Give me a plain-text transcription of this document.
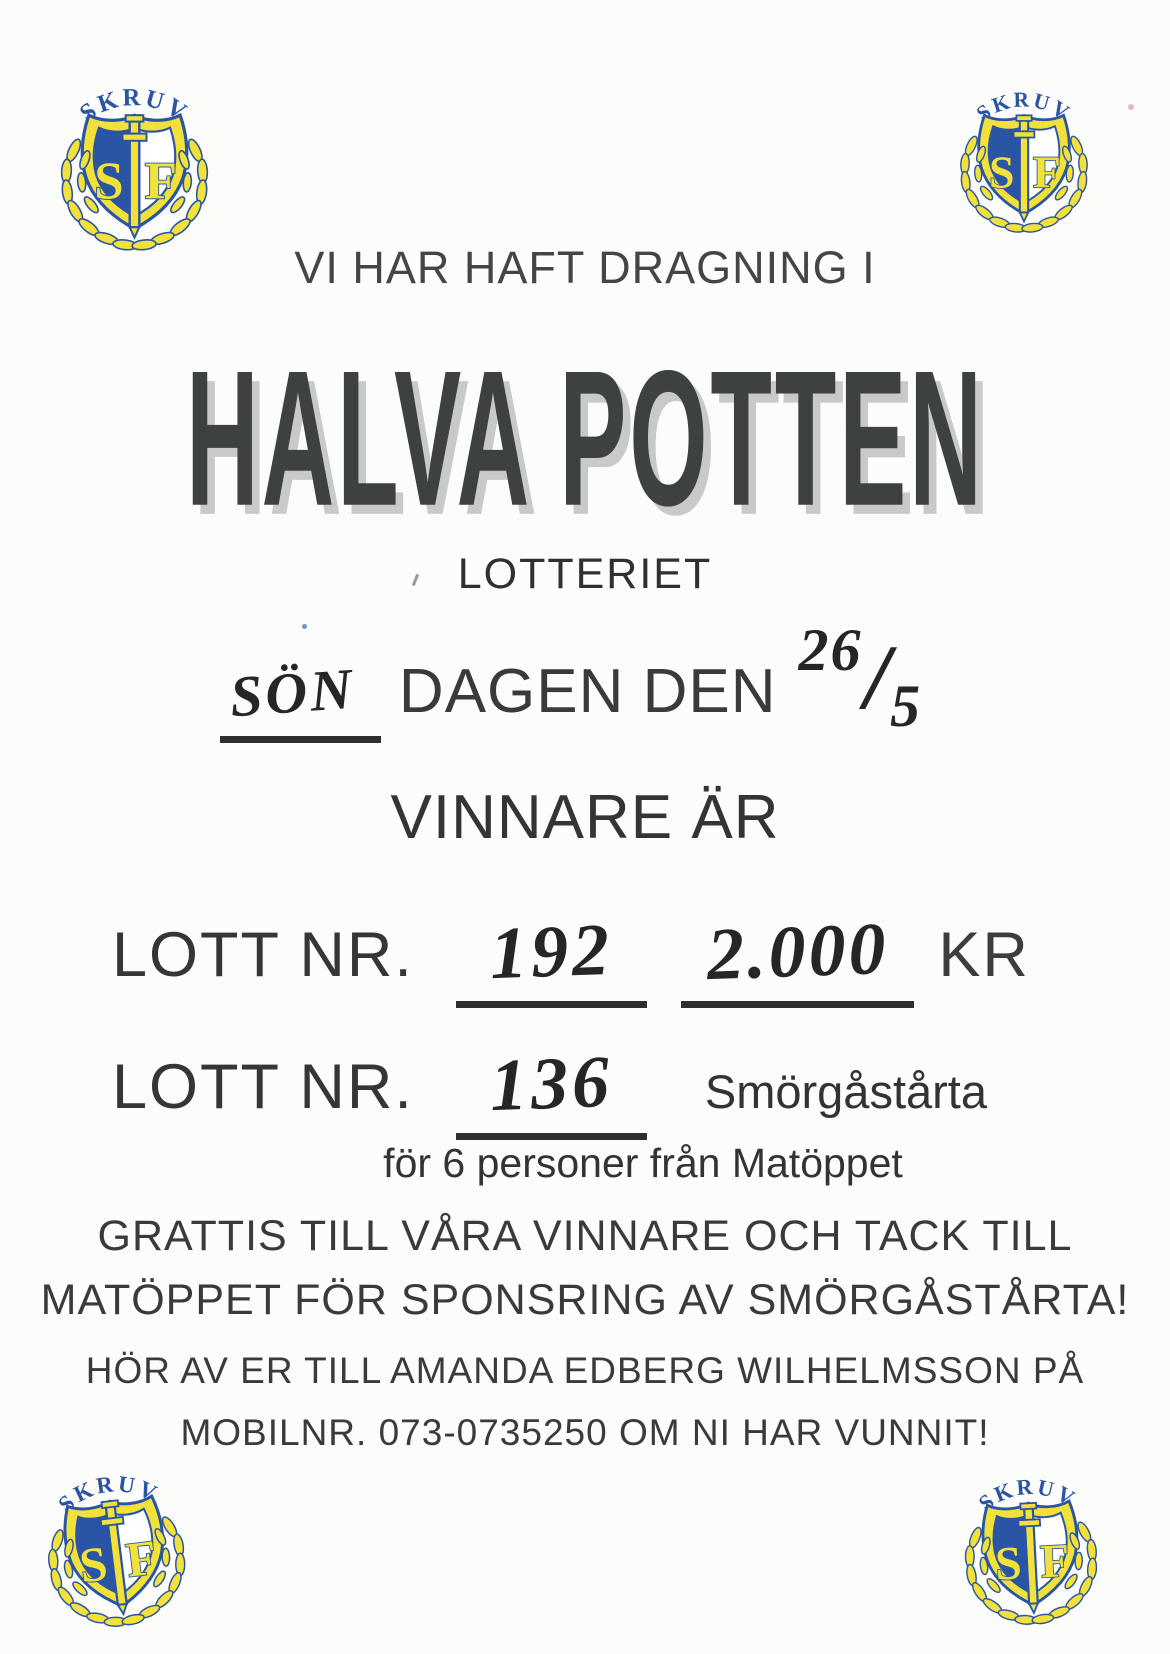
VI HAR HAFT DRAGNING I
HALVA POTTEN
LOTTERIET
SÖN DAGEN DEN
26/5
VINNARE ÄR
LOTT NR.	192	2.000 KR
LOTT NR.	136	Smörgåstårta
för 6 personer från Matöppet
GRATTIS TILL VÅRA VINNARE OCH TACK TILL
MATÖPPET FÖR SPONSRING AV SMÖRGÅSTÅRTA!
HÖR AV ER TILL AMANDA EDBERG WILHELMSSON PÅ
MOBILNR. 073-0735250 OM NI HAR VUNNIT!
